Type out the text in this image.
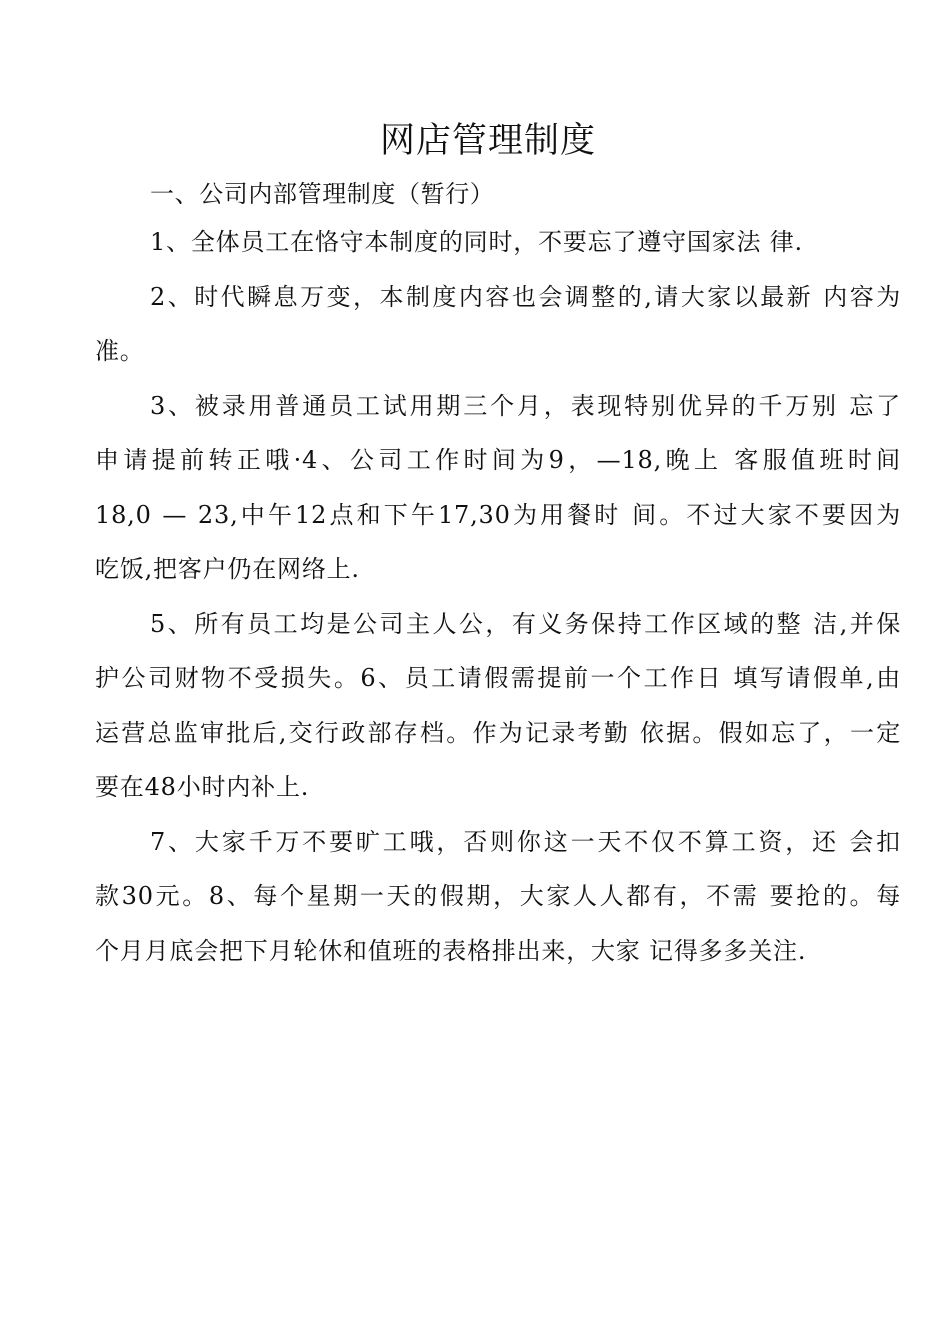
网店管理制度
一、公司内部管理制度（暂行）
1、全体员工在恪守本制度的同时，不要忘了遵守国家法 律.
2、时代瞬息万变，本制度内容也会调整的,请大家以最新 内容为
准。
3、被录用普通员工试用期三个月，表现特别优异的千万别 忘了
申请提前转正哦·4、公司工作时间为9，—18,晚上 客服值班时间
18,0 — 23,中午12点和下午17,30为用餐时 间。不过大家不要因为
吃饭,把客户仍在网络上.
5、所有员工均是公司主人公，有义务保持工作区域的整 洁,并保
护公司财物不受损失。6、员工请假需提前一个工作日 填写请假单,由
运营总监审批后,交行政部存档。作为记录考勤 依据。假如忘了，一定
要在48小时内补上.
7、大家千万不要旷工哦，否则你这一天不仅不算工资，还 会扣
款30元。8、每个星期一天的假期，大家人人都有，不需 要抢的。每
个月月底会把下月轮休和值班的表格排出来，大家 记得多多关注.
